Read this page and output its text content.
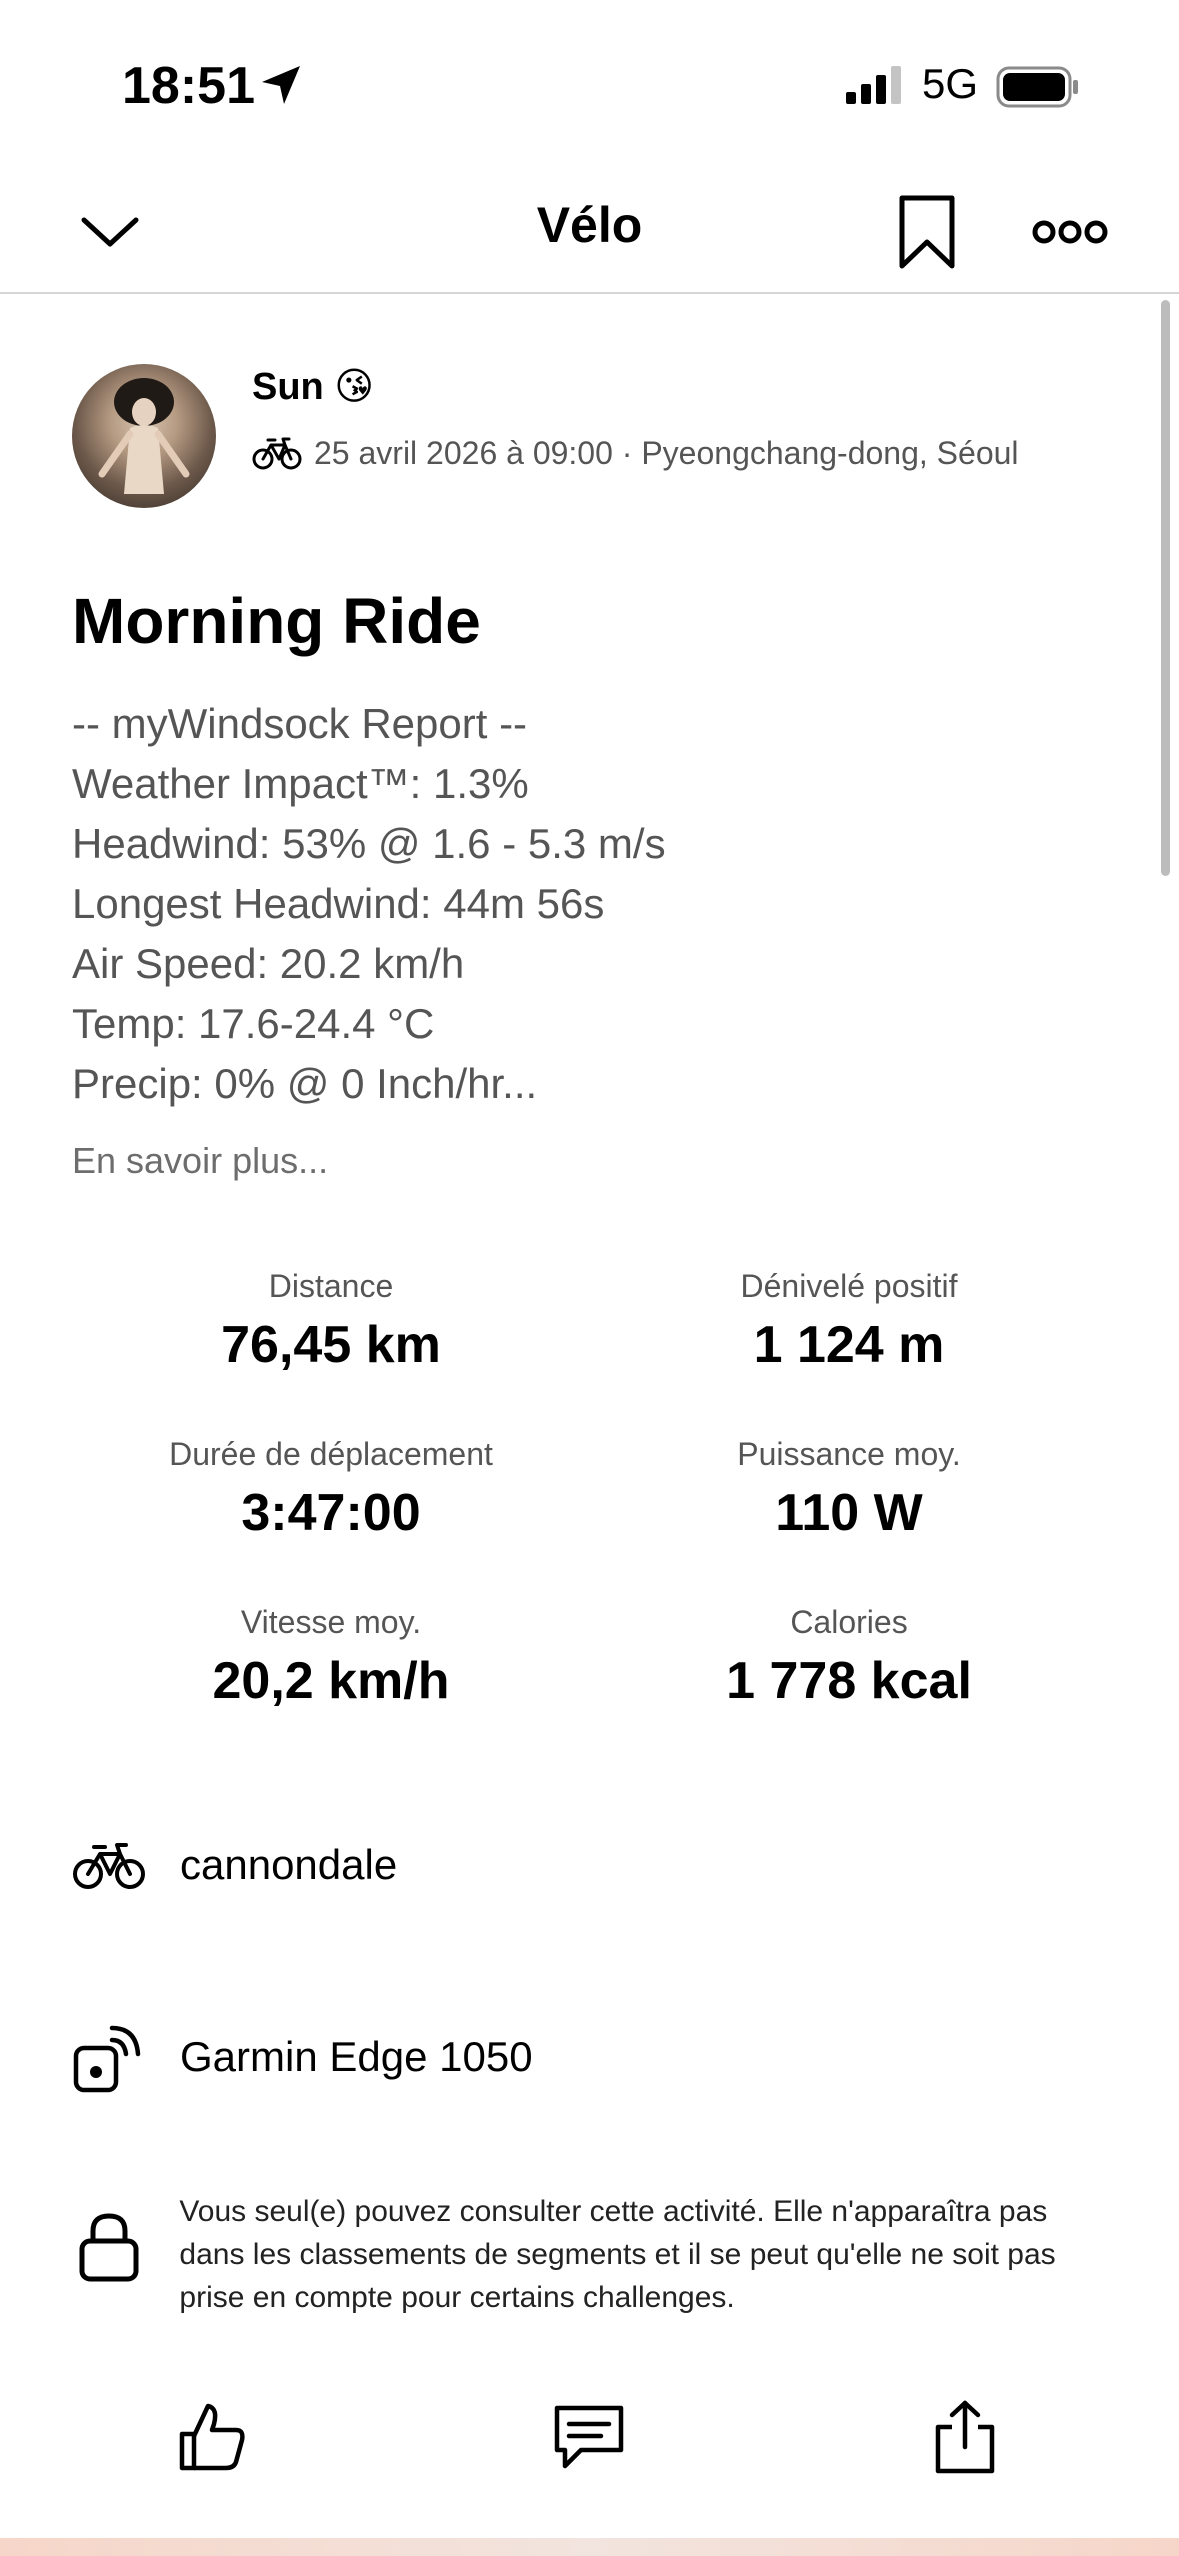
18:51	5G
Vélo
Sun 😘
25 avril 2026 à 09:00 · Pyeongchang-dong, Séoul
Morning Ride
-- myWindsock Report --
Weather Impact™: 1.3%
Headwind: 53% @ 1.6 - 5.3 m/s
Longest Headwind: 44m 56s
Air Speed: 20.2 km/h
Temp: 17.6-24.4 °C
Precip: 0% @ 0 Inch/hr...
En savoir plus...
Distance
76,45 km
Dénivelé positif
1 124 m
Durée de déplacement
3:47:00
Puissance moy.
110 W
Vitesse moy.
20,2 km/h
Calories
1 778 kcal
cannondale
Garmin Edge 1050
Vous seul(e) pouvez consulter cette activité. Elle n'apparaîtra pas dans les classements de segments et il se peut qu'elle ne soit pas prise en compte pour certains challenges.
